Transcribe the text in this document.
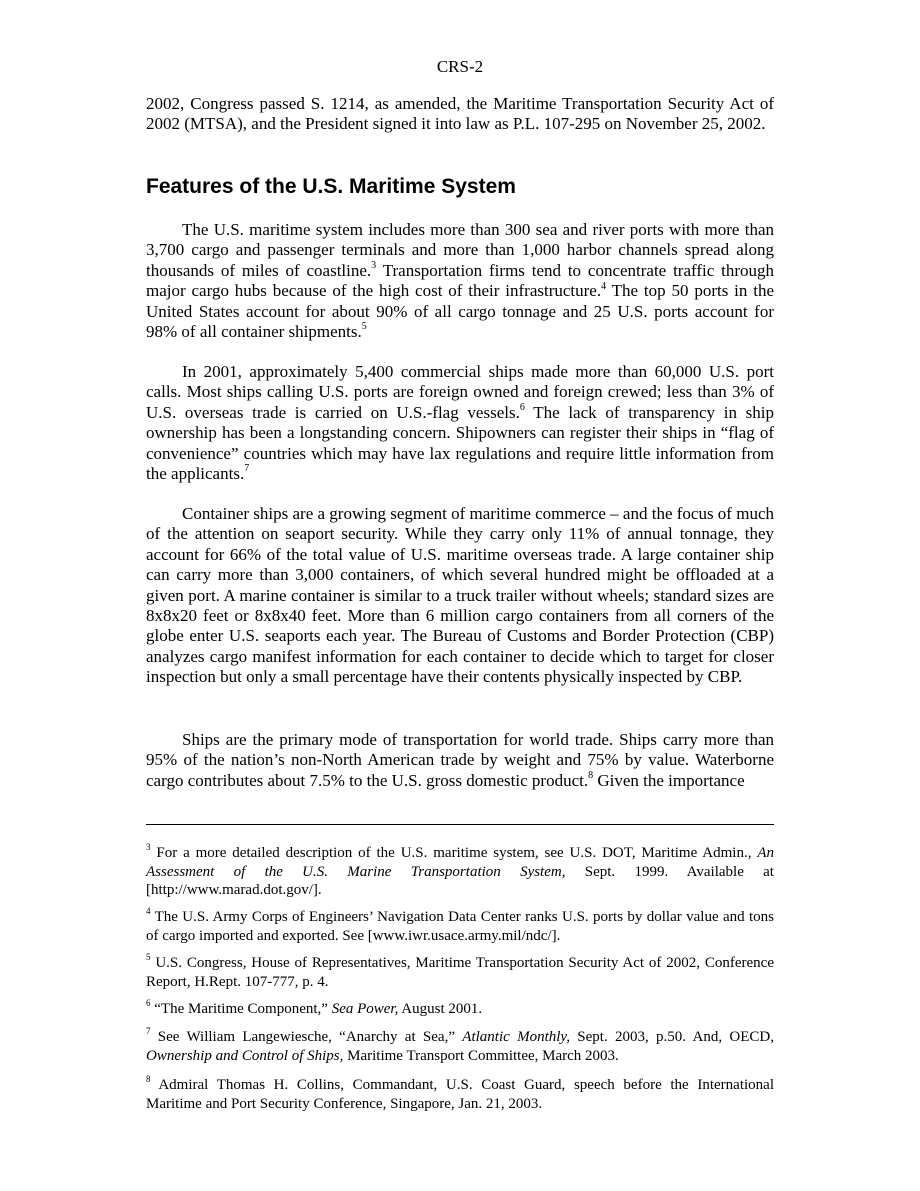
CRS-2

2002, Congress passed S. 1214, as amended, the Maritime Transportation Security Act of 2002 (MTSA), and the President signed it into law as P.L. 107-295 on November 25, 2002.

Features of the U.S. Maritime System

The U.S. maritime system includes more than 300 sea and river ports with more than 3,700 cargo and passenger terminals and more than 1,000 harbor channels spread along thousands of miles of coastline.$^3$ Transportation firms tend to concentrate traffic through major cargo hubs because of the high cost of their infrastructure.$^4$ The top 50 ports in the United States account for about 90% of all cargo tonnage and 25 U.S. ports account for 98% of all container shipments.$^5$

In 2001, approximately 5,400 commercial ships made more than 60,000 U.S. port calls. Most ships calling U.S. ports are foreign owned and foreign crewed; less than 3% of U.S. overseas trade is carried on U.S.-flag vessels.$^6$ The lack of transparency in ship ownership has been a longstanding concern. Shipowners can register their ships in “flag of convenience” countries which may have lax regulations and require little information from the applicants.$^7$

Container ships are a growing segment of maritime commerce – and the focus of much of the attention on seaport security. While they carry only 11% of annual tonnage, they account for 66% of the total value of U.S. maritime overseas trade. A large container ship can carry more than 3,000 containers, of which several hundred might be offloaded at a given port. A marine container is similar to a truck trailer without wheels; standard sizes are 8x8x20 feet or 8x8x40 feet. More than 6 million cargo containers from all corners of the globe enter U.S. seaports each year. The Bureau of Customs and Border Protection (CBP) analyzes cargo manifest information for each container to decide which to target for closer inspection but only a small percentage have their contents physically inspected by CBP.

Ships are the primary mode of transportation for world trade. Ships carry more than 95% of the nation’s non-North American trade by weight and 75% by value. Waterborne cargo contributes about 7.5% to the U.S. gross domestic product.$^8$ Given the importance

$^3$ For a more detailed description of the U.S. maritime system, see U.S. DOT, Maritime Admin., An Assessment of the U.S. Marine Transportation System, Sept. 1999. Available at [http://www.marad.dot.gov/].

$^4$ The U.S. Army Corps of Engineers’ Navigation Data Center ranks U.S. ports by dollar value and tons of cargo imported and exported. See [www.iwr.usace.army.mil/ndc/].

$^5$ U.S. Congress, House of Representatives, Maritime Transportation Security Act of 2002, Conference Report, H.Rept. 107-777, p. 4.

$^6$ “The Maritime Component,” Sea Power, August 2001.

$^7$ See William Langewiesche, “Anarchy at Sea,” Atlantic Monthly, Sept. 2003, p.50. And, OECD, Ownership and Control of Ships, Maritime Transport Committee, March 2003.

$^8$ Admiral Thomas H. Collins, Commandant, U.S. Coast Guard, speech before the International Maritime and Port Security Conference, Singapore, Jan. 21, 2003.
